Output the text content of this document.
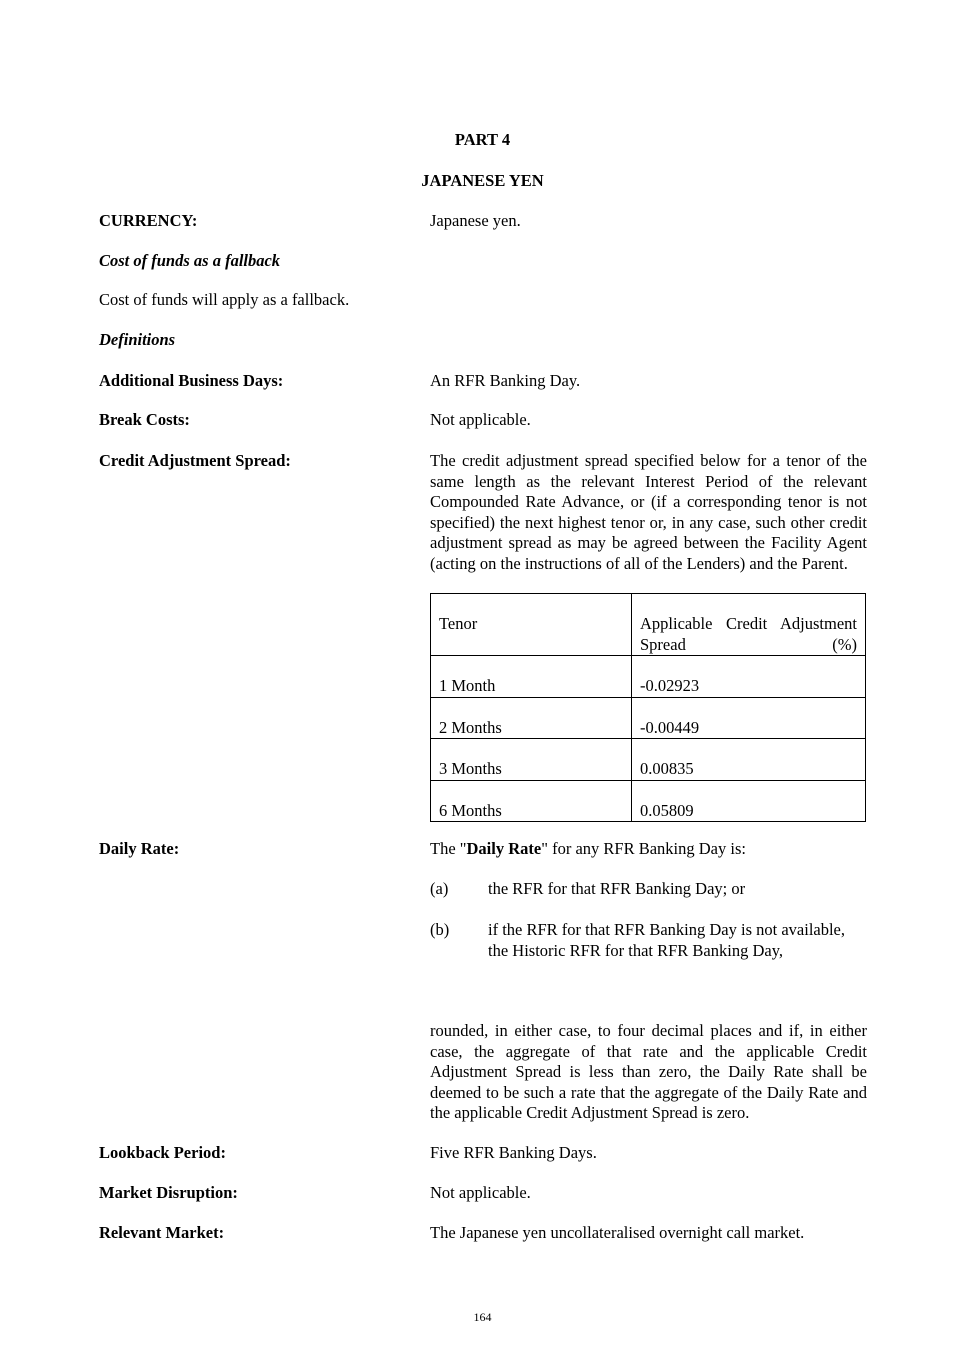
PART 4
JAPANESE YEN
CURRENCY:	Japanese yen.
Cost of funds as a fallback
Cost of funds will apply as a fallback.
Definitions
Additional Business Days:	An RFR Banking Day.
Break Costs:	Not applicable.
Credit Adjustment Spread:	The credit adjustment spread specified below for a tenor of the same length as the relevant Interest Period of the relevant Compounded Rate Advance, or (if a corresponding tenor is not specified) the next highest tenor or, in any case, such other credit adjustment spread as may be agreed between the Facility Agent (acting on the instructions of all of the Lenders) and the Parent.
Tenor	Applicable Credit Adjustment Spread (%)

1 Month	-0.02923
2 Months	-0.00449
3 Months	0.00835
6 Months	0.05809
Daily Rate:	The "Daily Rate" for any RFR Banking Day is:
(a) the RFR for that RFR Banking Day; or
(b) if the RFR for that RFR Banking Day is not available, the Historic RFR for that RFR Banking Day,
rounded, in either case, to four decimal places and if, in either case, the aggregate of that rate and the applicable Credit Adjustment Spread is less than zero, the Daily Rate shall be deemed to be such a rate that the aggregate of the Daily Rate and the applicable Credit Adjustment Spread is zero.
Lookback Period:	Five RFR Banking Days.
Market Disruption:	Not applicable.
Relevant Market:	The Japanese yen uncollateralised overnight call market.
164
